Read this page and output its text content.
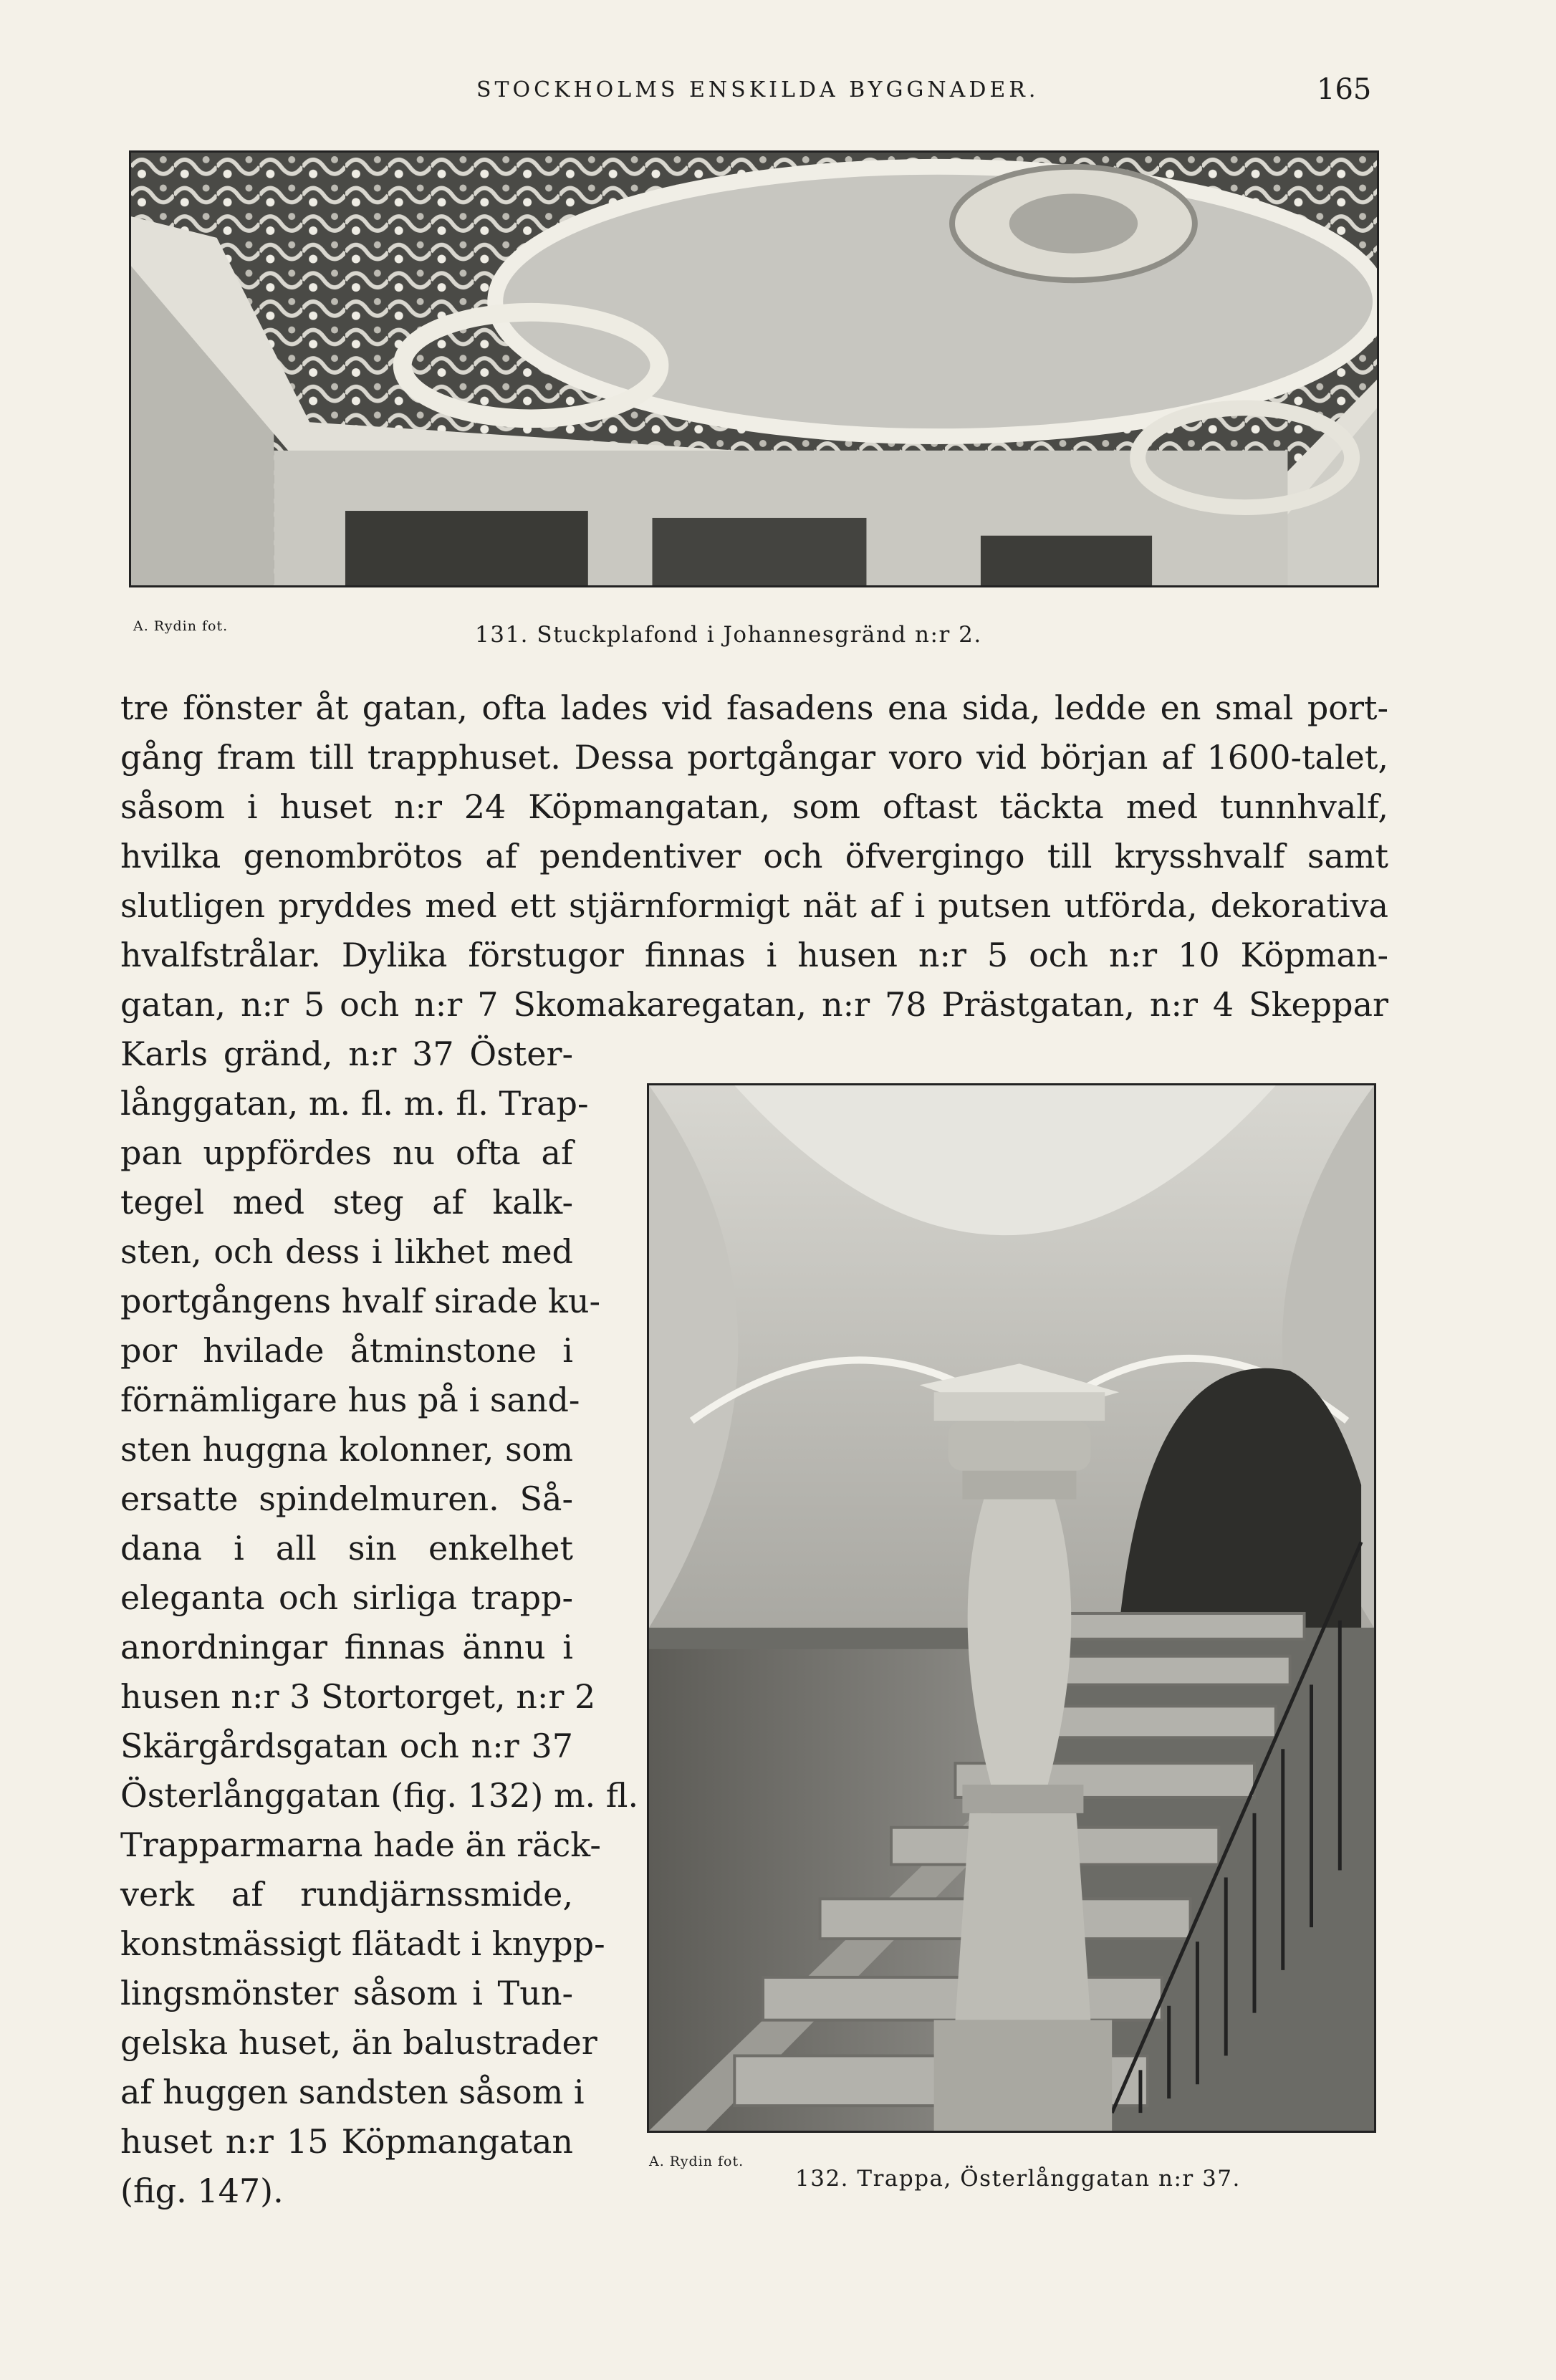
STOCKHOLMS ENSKILDA BYGGNADER.	165
A. Rydin fot.	131. Stuckplafond i Johannesgränd n:r 2.
tre fönster åt gatan, ofta lades vid fasadens ena sida, ledde en smal port-
gång fram till trapphuset. Dessa portgångar voro vid början af 1600-talet,
såsom i huset n:r 24 Köpmangatan, som oftast täckta med tunnhvalf,
hvilka genombrötos af pendentiver och öfvergingo till krysshvalf samt
slutligen pryddes med ett stjärnformigt nät af i putsen utförda, dekorativa
hvalfstrålar. Dylika förstugor finnas i husen n:r 5 och n:r 10 Köpman-
gatan, n:r 5 och n:r 7 Skomakaregatan, n:r 78 Prästgatan, n:r 4 Skeppar
Karls gränd, n:r 37 Öster-
långgatan, m. fl. m. fl. Trap-
pan uppfördes nu ofta af
tegel med steg af kalk-
sten, och dess i likhet med
portgångens hvalf sirade ku-
por hvilade åtminstone i
förnämligare hus på i sand-
sten huggna kolonner, som
ersatte spindelmuren. Så-
dana i all sin enkelhet
eleganta och sirliga trapp-
anordningar finnas ännu i
husen n:r 3 Stortorget, n:r 2
Skärgårdsgatan och n:r 37
Österlånggatan (fig. 132) m. fl.
Trapparmarna hade än räck-
verk af rundjärnssmide,
konstmässigt flätadt i knypp-
lingsmönster såsom i Tun-
gelska huset, än balustrader
af huggen sandsten såsom i
huset n:r 15 Köpmangatan
(fig. 147).
A. Rydin fot.
132. Trappa, Österlånggatan n:r 37.
